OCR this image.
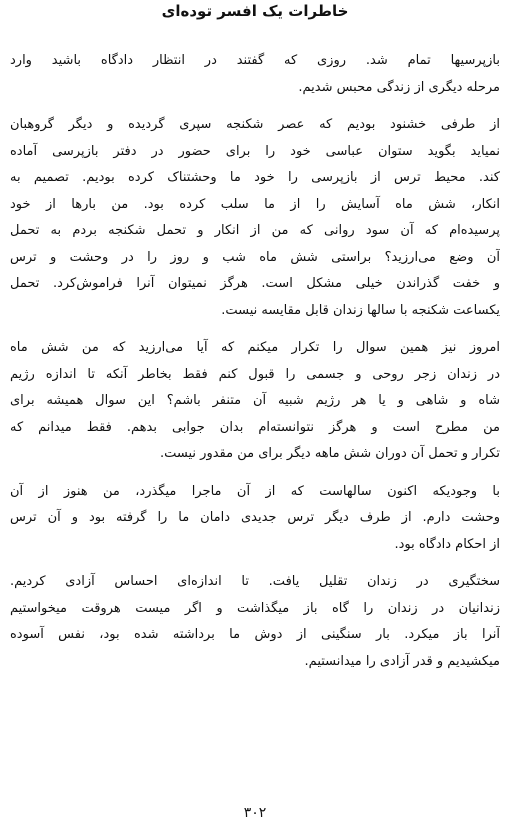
خاطرات یک افسر توده‌ای
بازپرسیها تمام شد. روزی که گفتند در انتظار دادگاه باشید وارد
مرحله دیگری از زندگی محبس شدیم.
از طرفی خشنود بودیم که عصر شکنجه سپری گردیده و دیگر گروهبان
نمیاید بگوید ستوان عباسی خود را برای حضور در دفتر بازپرسی آماده
کند. محیط ترس از بازپرسی را خود ما وحشتناک کرده بودیم. تصمیم به
انکار، شش ماه آسایش را از ما سلب کرده بود. من بارها از خود
پرسیده‌ام که آن سود روانی که من از انکار و تحمل شکنجه بردم به تحمل
آن وضع می‌ارزید؟ براستی شش ماه شب و روز را در وحشت و ترس
و خفت گذراندن خیلی مشکل است. هرگز نمیتوان آنرا فراموش‌کرد. تحمل
یکساعت شکنجه با سالها زندان قابل مقایسه نیست.
امروز نیز همین سوال را تکرار میکنم که آیا می‌ارزید که من شش ماه
در زندان زجر روحی و جسمی را قبول کنم فقط بخاطر آنکه تا اندازه رژیم
شاه و شاهی و یا هر رژیم شبیه آن متنفر باشم؟ این سوال همیشه برای
من مطرح است و هرگز نتوانسته‌ام بدان جوابی بدهم. فقط میدانم که
تکرار و تحمل آن دوران شش ماهه دیگر برای من مقدور نیست.
با وجودیکه اکنون سالهاست که از آن ماجرا میگذرد، من هنوز از آن
وحشت دارم. از طرف دیگر ترس جدیدی دامان ما را گرفته بود و آن ترس
از احکام دادگاه بود.
سختگیری در زندان تقلیل یافت. تا اندازه‌ای احساس آزادی کردیم.
زندانیان در زندان را گاه باز میگذاشت و اگر میست هروقت میخواستیم
آنرا باز میکرد. بار سنگینی از دوش ما برداشته شده بود، نفس آسوده
میکشیدیم و قدر آزادی را میدانستیم.
۳۰۲
